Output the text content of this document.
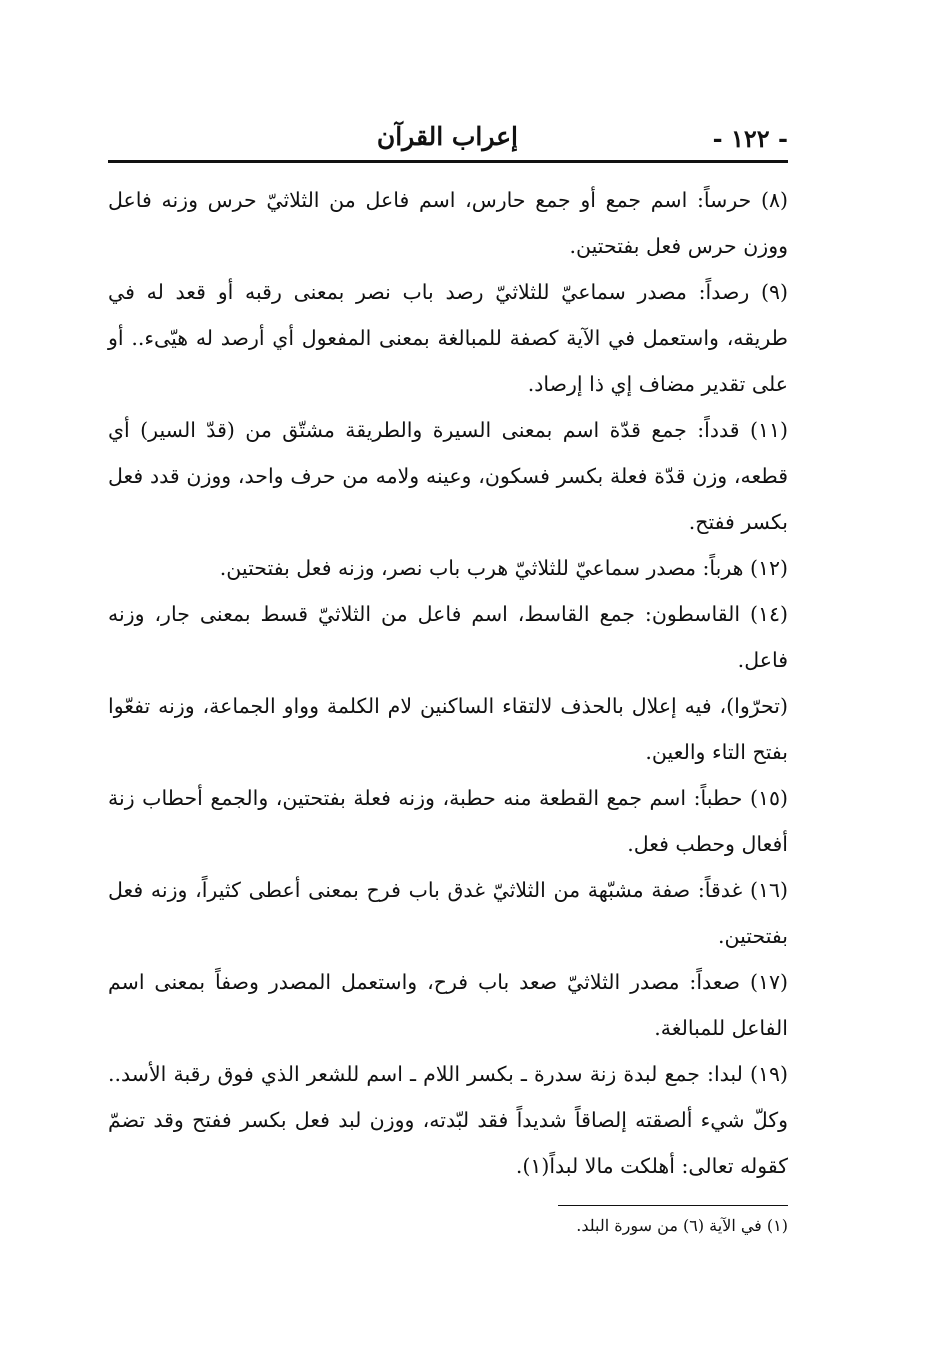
- ١٢٢ -
إعراب القرآن

(٨) حرساً: اسم جمع أو جمع حارس، اسم فاعل من الثلاثيّ حرس وزنه فاعل ووزن حرس فعل بفتحتين.

(٩) رصداً: مصدر سماعيّ للثلاثيّ رصد باب نصر بمعنى رقبه أو قعد له في طريقه، واستعمل في الآية كصفة للمبالغة بمعنى المفعول أي أرصد له هيّىء.. أو على تقدير مضاف إي ذا إرصاد.

(١١) قدداً: جمع قدّة اسم بمعنى السيرة والطريقة مشتّق من (قدّ السير) أي قطعه، وزن قدّة فعلة بكسر فسكون، وعينه ولامه من حرف واحد، ووزن قدد فعل بكسر ففتح.

(١٢) هرباً: مصدر سماعيّ للثلاثيّ هرب باب نصر، وزنه فعل بفتحتين.

(١٤) القاسطون: جمع القاسط، اسم فاعل من الثلاثيّ قسط بمعنى جار، وزنه فاعل.

(تحرّوا)، فيه إعلال بالحذف لالتقاء الساكنين لام الكلمة وواو الجماعة، وزنه تفعّوا بفتح التاء والعين.

(١٥) حطباً: اسم جمع القطعة منه حطبة، وزنه فعلة بفتحتين، والجمع أحطاب زنة أفعال وحطب فعل.

(١٦) غدقاً: صفة مشبّهة من الثلاثيّ غدق باب فرح بمعنى أعطى كثيراً، وزنه فعل بفتحتين.

(١٧) صعداً: مصدر الثلاثيّ صعد باب فرح، واستعمل المصدر وصفاً بمعنى اسم الفاعل للمبالغة.

(١٩) لبدا: جمع لبدة زنة سدرة ـ بكسر اللام ـ اسم للشعر الذي فوق رقبة الأسد.. وكلّ شيء ألصقته إلصاقاً شديداً فقد لبّدته، ووزن لبد فعل بكسر ففتح وقد تضمّ كقوله تعالى: أهلكت مالا لبداً(١).

(١) في الآية (٦) من سورة البلد.
